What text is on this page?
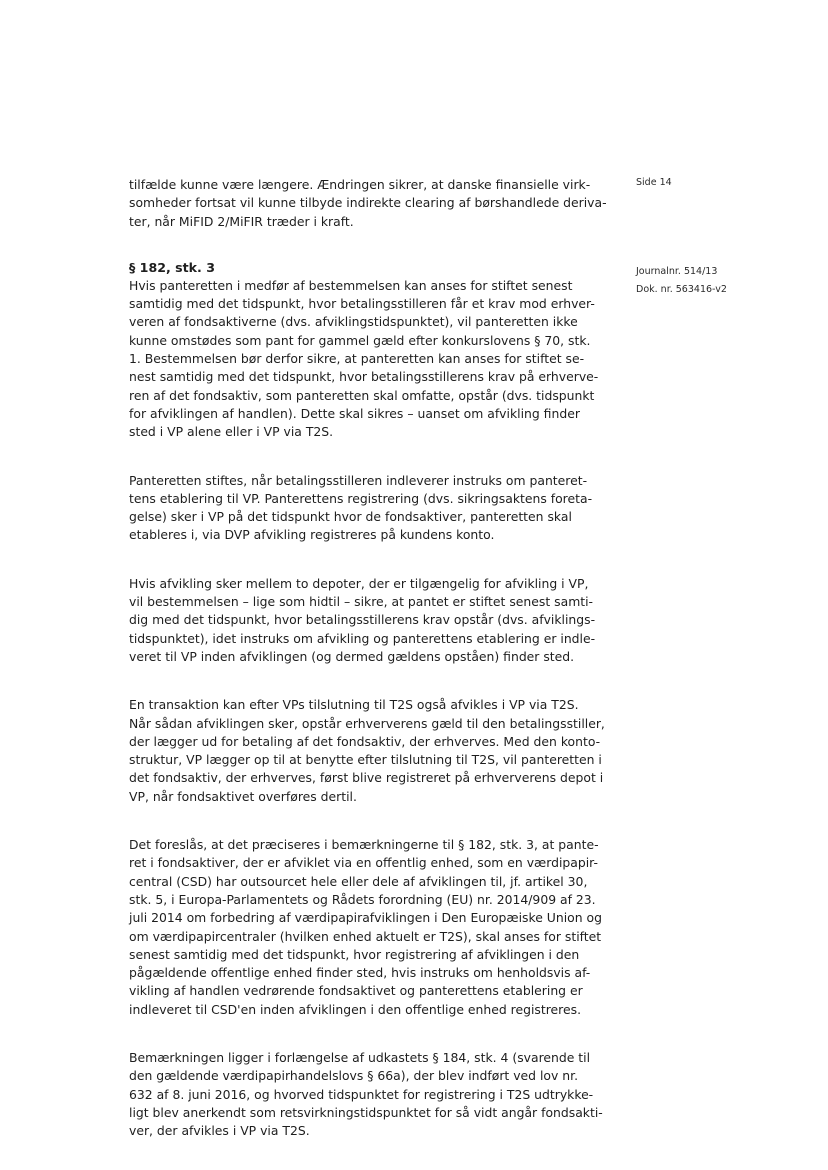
Side 14
Journalnr. 514/13
Dok. nr. 563416-v2
tilfælde kunne være længere. Ændringen sikrer, at danske finansielle virk-
somheder fortsat vil kunne tilbyde indirekte clearing af børshandlede deriva-
ter, når MiFID 2/MiFIR træder i kraft.
§ 182, stk. 3
Hvis panteretten i medfør af bestemmelsen kan anses for stiftet senest
samtidig med det tidspunkt, hvor betalingsstilleren får et krav mod erhver-
veren af fondsaktiverne (dvs. afviklingstidspunktet), vil panteretten ikke
kunne omstødes som pant for gammel gæld efter konkurslovens § 70, stk.
1. Bestemmelsen bør derfor sikre, at panteretten kan anses for stiftet se-
nest samtidig med det tidspunkt, hvor betalingsstillerens krav på erhverve-
ren af det fondsaktiv, som panteretten skal omfatte, opstår (dvs. tidspunkt
for afviklingen af handlen). Dette skal sikres – uanset om afvikling finder
sted i VP alene eller i VP via T2S.
Panteretten stiftes, når betalingsstilleren indleverer instruks om panteret-
tens etablering til VP. Panterettens registrering (dvs. sikringsaktens foreta-
gelse) sker i VP på det tidspunkt hvor de fondsaktiver, panteretten skal
etableres i, via DVP afvikling registreres på kundens konto.
Hvis afvikling sker mellem to depoter, der er tilgængelig for afvikling i VP,
vil bestemmelsen – lige som hidtil – sikre, at pantet er stiftet senest samti-
dig med det tidspunkt, hvor betalingsstillerens krav opstår (dvs. afviklings-
tidspunktet), idet instruks om afvikling og panterettens etablering er indle-
veret til VP inden afviklingen (og dermed gældens opståen) finder sted.
En transaktion kan efter VPs tilslutning til T2S også afvikles i VP via T2S.
Når sådan afviklingen sker, opstår erhververens gæld til den betalingsstiller,
der lægger ud for betaling af det fondsaktiv, der erhverves. Med den konto-
struktur, VP lægger op til at benytte efter tilslutning til T2S, vil panteretten i
det fondsaktiv, der erhverves, først blive registreret på erhververens depot i
VP, når fondsaktivet overføres dertil.
Det foreslås, at det præciseres i bemærkningerne til § 182, stk. 3, at pante-
ret i fondsaktiver, der er afviklet via en offentlig enhed, som en værdipapir-
central (CSD) har outsourcet hele eller dele af afviklingen til, jf. artikel 30,
stk. 5, i Europa-Parlamentets og Rådets forordning (EU) nr. 2014/909 af 23.
juli 2014 om forbedring af værdipapirafviklingen i Den Europæiske Union og
om værdipapircentraler (hvilken enhed aktuelt er T2S), skal anses for stiftet
senest samtidig med det tidspunkt, hvor registrering af afviklingen i den
pågældende offentlige enhed finder sted, hvis instruks om henholdsvis af-
vikling af handlen vedrørende fondsaktivet og panterettens etablering er
indleveret til CSD'en inden afviklingen i den offentlige enhed registreres.
Bemærkningen ligger i forlængelse af udkastets § 184, stk. 4 (svarende til
den gældende værdipapirhandelslovs § 66a), der blev indført ved lov nr.
632 af 8. juni 2016, og hvorved tidspunktet for registrering i T2S udtrykke-
ligt blev anerkendt som retsvirkningstidspunktet for så vidt angår fondsakti-
ver, der afvikles i VP via T2S.
